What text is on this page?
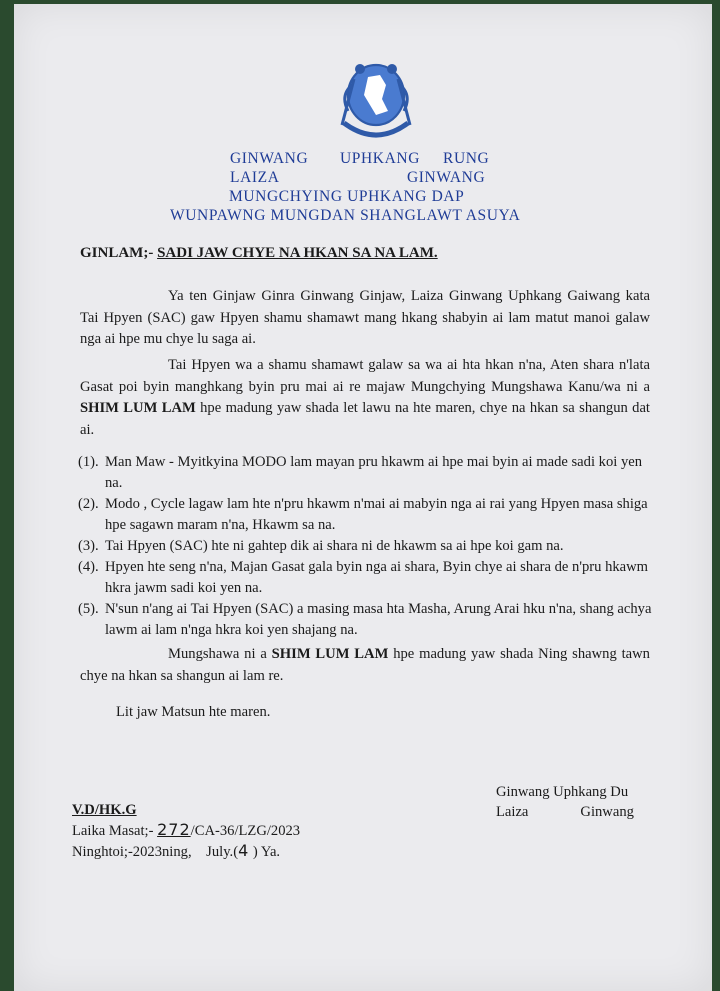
GINWANG UPHKANG RUNG
LAIZA	GINWANG
MUNGCHYING UPHKANG DAP
WUNPAWNG MUNGDAN SHANGLAWT ASUYA
GINLAM;- SADI JAW CHYE NA HKAN SA NA LAM.
Ya ten Ginjaw Ginra Ginwang Ginjaw, Laiza Ginwang Uphkang Gaiwang kata Tai Hpyen (SAC) gaw Hpyen shamu shamawt mang hkang shabyin ai lam matut manoi galaw nga ai hpe mu chye lu saga ai.
Tai Hpyen wa a shamu shamawt galaw sa wa ai hta hkan n'na, Aten shara n'lata Gasat poi byin manghkang byin pru mai ai re majaw Mungchying Mungshawa Kanu/wa ni a SHIM LUM LAM hpe madung yaw shada let lawu na hte maren, chye na hkan sa shangun dat ai.
(1). Man Maw - Myitkyina MODO lam mayan pru hkawm ai hpe mai byin ai made sadi koi yen na.
(2). Modo , Cycle lagaw lam hte n'pru hkawm n'mai ai mabyin nga ai rai yang Hpyen masa shiga hpe sagawn maram n'na, Hkawm sa na.
(3). Tai Hpyen (SAC) hte ni gahtep dik ai shara ni de hkawm sa ai hpe koi gam na.
(4). Hpyen hte seng n'na, Majan Gasat gala byin nga ai shara, Byin chye ai shara de n'pru hkawm hkra jawm sadi koi yen na.
(5). N'sun n'ang ai Tai Hpyen (SAC) a masing masa hta Masha, Arung Arai hku n'na, shang achya lawm ai lam n'nga hkra koi yen shajang na.
Mungshawa ni a SHIM LUM LAM hpe madung yaw shada Ning shawng tawn chye na hkan sa shangun ai lam re.
Lit jaw Matsun hte maren.
Ginwang Uphkang Du
Laiza	Ginwang
V.D/HK.G
Laika Masat;- 272/CA-36/LZG/2023
Ninghtoi;-2023ning,    July.(4 ) Ya.
